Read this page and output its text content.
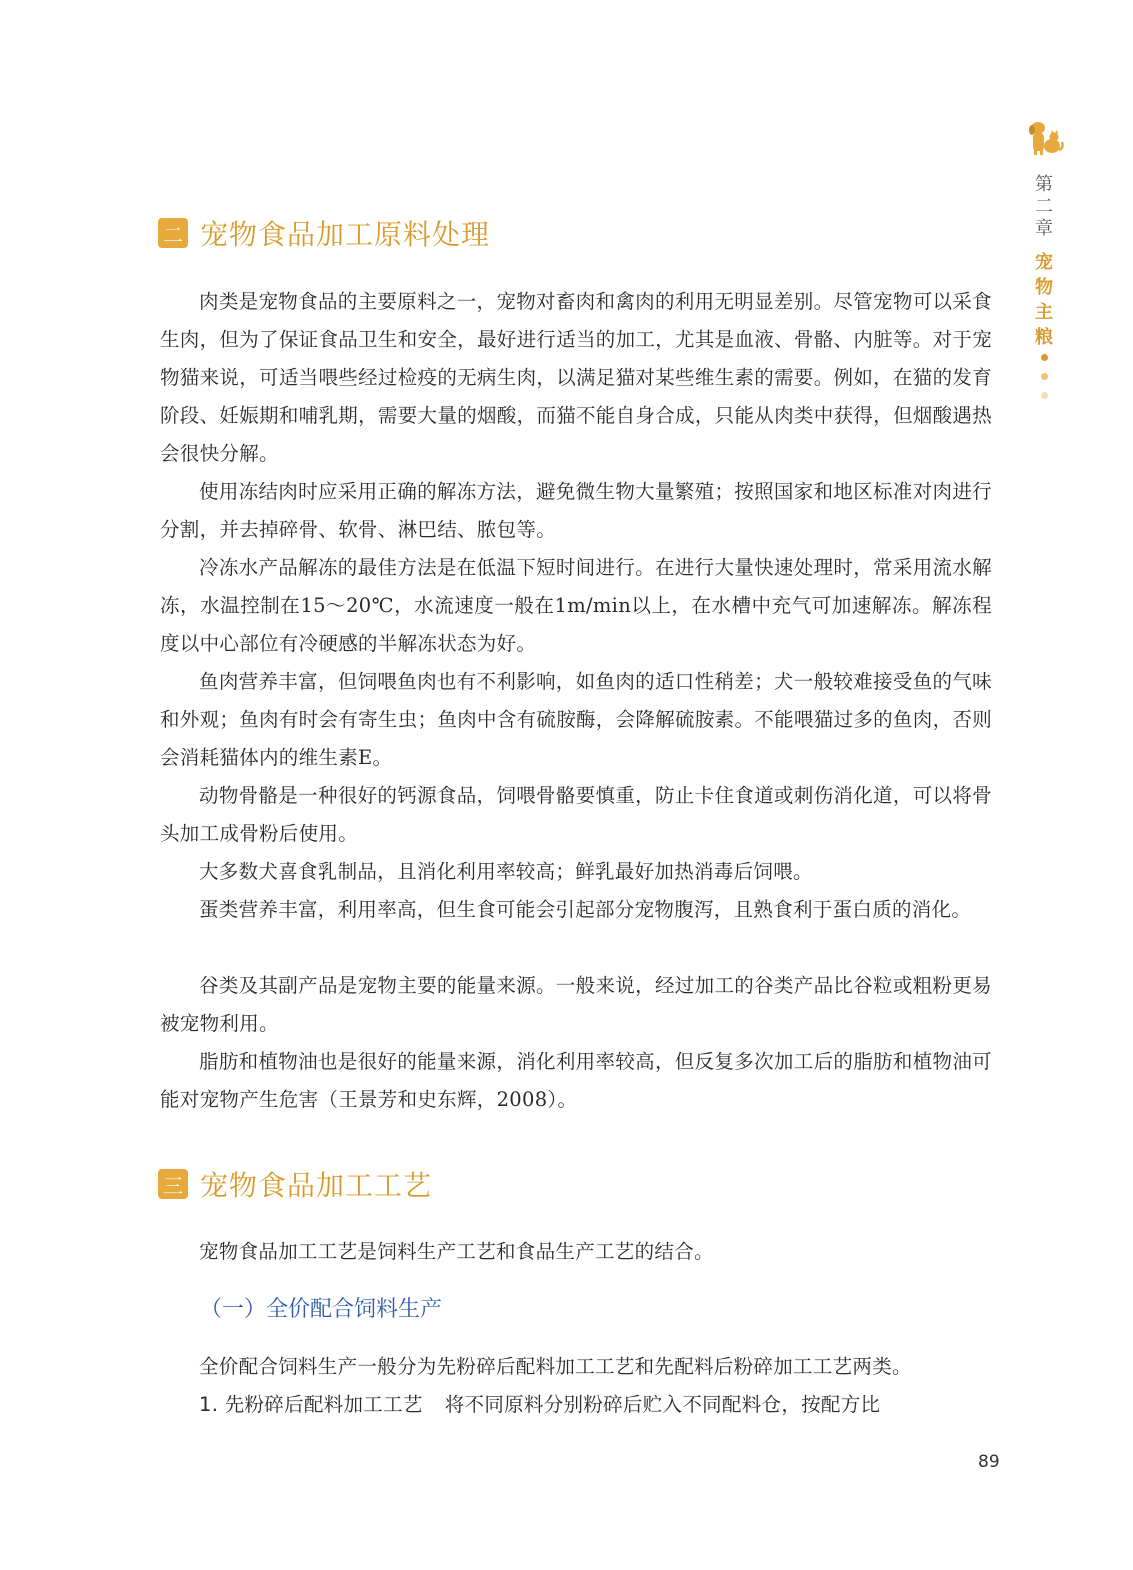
第二章
宠物主粮
二 宠物食品加工原料处理

肉类是宠物食品的主要原料之一，宠物对畜肉和禽肉的利用无明显差别。尽管宠物可以采食生肉，但为了保证食品卫生和安全，最好进行适当的加工，尤其是血液、骨骼、内脏等。对于宠物猫来说，可适当喂些经过检疫的无病生肉，以满足猫对某些维生素的需要。例如，在猫的发育阶段、妊娠期和哺乳期，需要大量的烟酸，而猫不能自身合成，只能从肉类中获得，但烟酸遇热会很快分解。

使用冻结肉时应采用正确的解冻方法，避免微生物大量繁殖；按照国家和地区标准对肉进行分割，并去掉碎骨、软骨、淋巴结、脓包等。

冷冻水产品解冻的最佳方法是在低温下短时间进行。在进行大量快速处理时，常采用流水解冻，水温控制在15～20℃，水流速度一般在1m/min以上，在水槽中充气可加速解冻。解冻程度以中心部位有冷硬感的半解冻状态为好。

鱼肉营养丰富，但饲喂鱼肉也有不利影响，如鱼肉的适口性稍差；犬一般较难接受鱼的气味和外观；鱼肉有时会有寄生虫；鱼肉中含有硫胺酶，会降解硫胺素。不能喂猫过多的鱼肉，否则会消耗猫体内的维生素E。

动物骨骼是一种很好的钙源食品，饲喂骨骼要慎重，防止卡住食道或刺伤消化道，可以将骨头加工成骨粉后使用。

大多数犬喜食乳制品，且消化利用率较高；鲜乳最好加热消毒后饲喂。

蛋类营养丰富，利用率高，但生食可能会引起部分宠物腹泻，且熟食利于蛋白质的消化。

谷类及其副产品是宠物主要的能量来源。一般来说，经过加工的谷类产品比谷粒或粗粉更易被宠物利用。

脂肪和植物油也是很好的能量来源，消化利用率较高，但反复多次加工后的脂肪和植物油可能对宠物产生危害（王景芳和史东辉，2008）。

三 宠物食品加工工艺

宠物食品加工工艺是饲料生产工艺和食品生产工艺的结合。

（一）全价配合饲料生产

全价配合饲料生产一般分为先粉碎后配料加工工艺和先配料后粉碎加工工艺两类。

1. 先粉碎后配料加工工艺 将不同原料分别粉碎后贮入不同配料仓，按配方比

89
